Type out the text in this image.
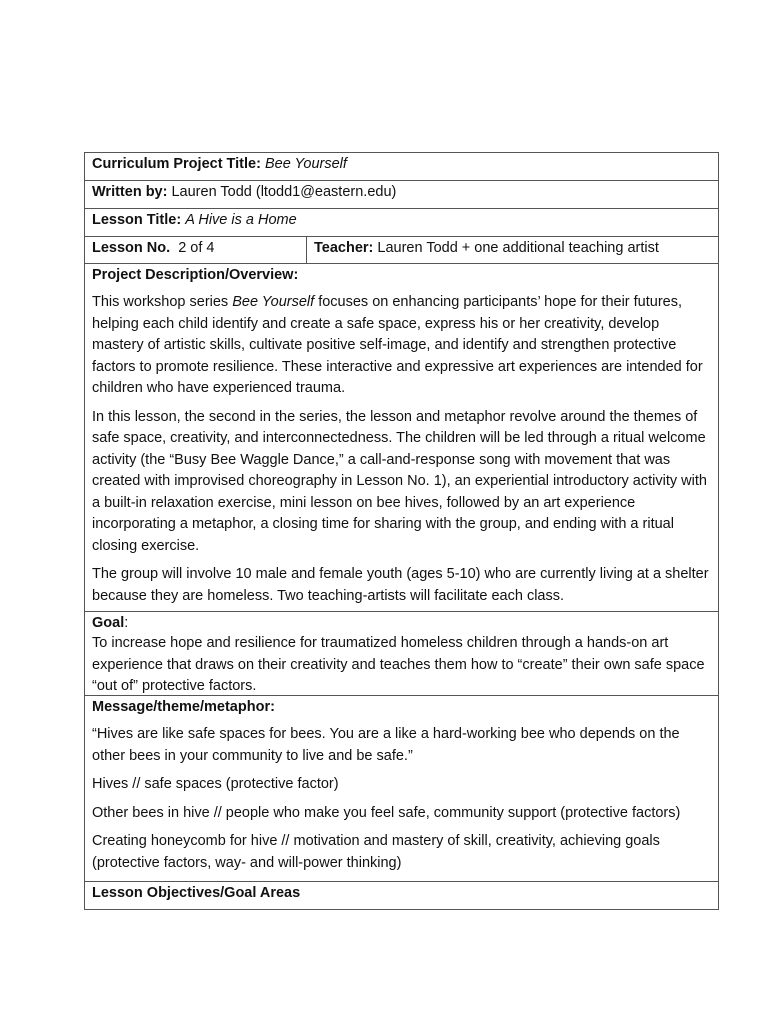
Curriculum Project Title: Bee Yourself
Written by: Lauren Todd (ltodd1@eastern.edu)
Lesson Title: A Hive is a Home
Lesson No. 2 of 4	Teacher: Lauren Todd + one additional teaching artist
Project Description/Overview:

This workshop series Bee Yourself focuses on enhancing participants’ hope for their futures, helping each child identify and create a safe space, express his or her creativity, develop mastery of artistic skills, cultivate positive self-image, and identify and strengthen protective factors to promote resilience. These interactive and expressive art experiences are intended for children who have experienced trauma.

In this lesson, the second in the series, the lesson and metaphor revolve around the themes of safe space, creativity, and interconnectedness. The children will be led through a ritual welcome activity (the “Busy Bee Waggle Dance,” a call-and-response song with movement that was created with improvised choreography in Lesson No. 1), an experiential introductory activity with a built-in relaxation exercise, mini lesson on bee hives, followed by an art experience incorporating a metaphor, a closing time for sharing with the group, and ending with a ritual closing exercise.

The group will involve 10 male and female youth (ages 5-10) who are currently living at a shelter because they are homeless. Two teaching-artists will facilitate each class.

Goal:

To increase hope and resilience for traumatized homeless children through a hands-on art experience that draws on their creativity and teaches them how to “create” their own safe space “out of” protective factors.

Message/theme/metaphor:

“Hives are like safe spaces for bees. You are a like a hard-working bee who depends on the other bees in your community to live and be safe.”

Hives // safe spaces (protective factor)

Other bees in hive // people who make you feel safe, community support (protective factors)

Creating honeycomb for hive // motivation and mastery of skill, creativity, achieving goals (protective factors, way- and will-power thinking)

Lesson Objectives/Goal Areas
